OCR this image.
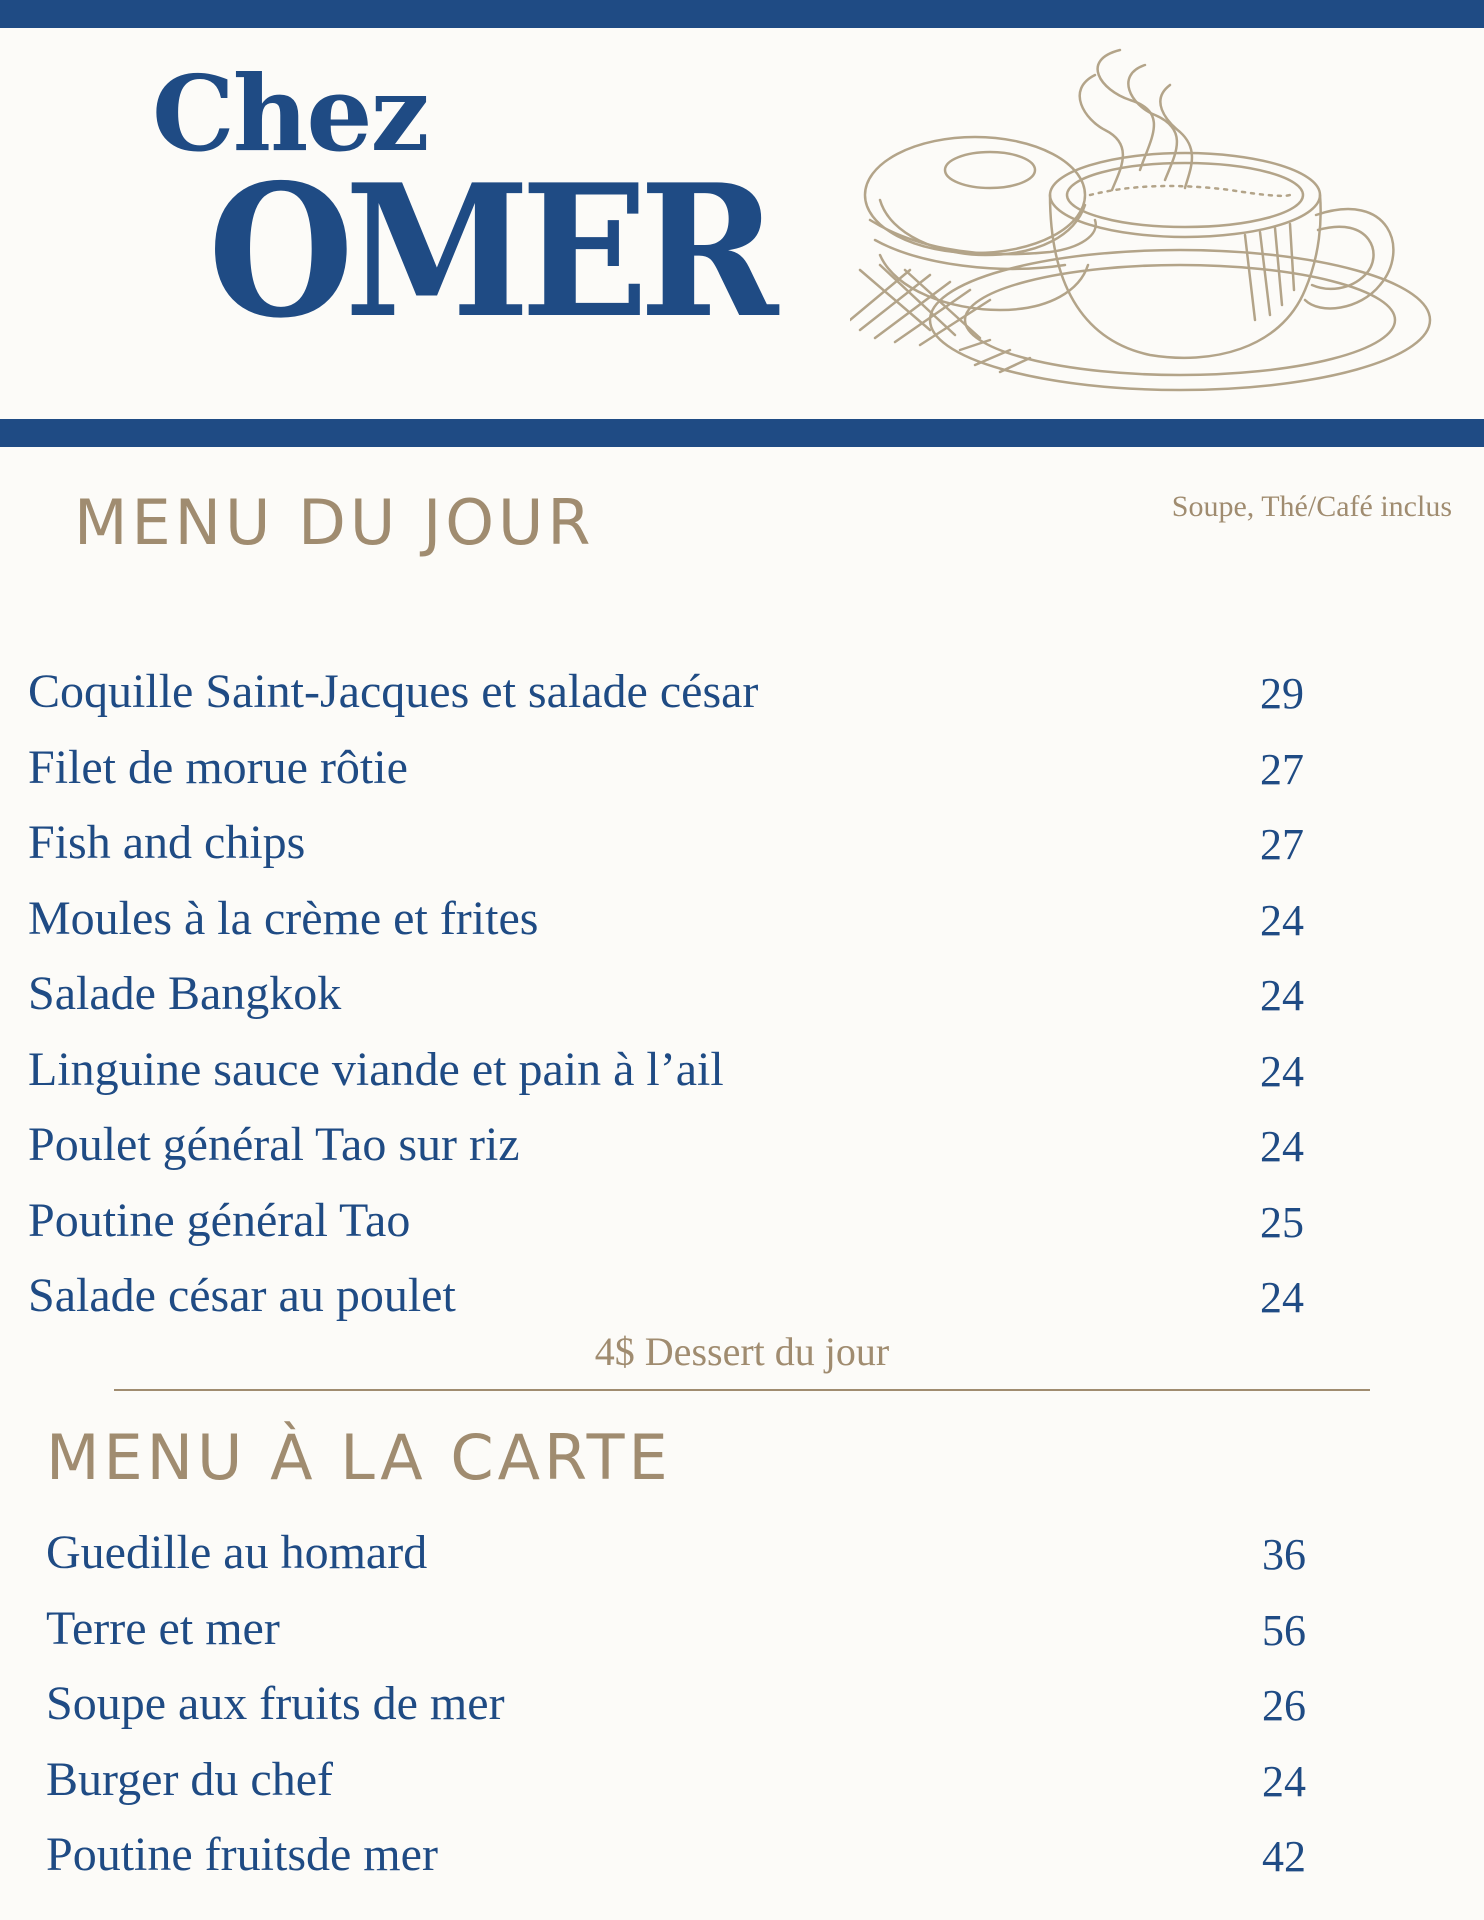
Chez
OMER
MENU DU JOUR	Soupe, Thé/Café inclus
Coquille Saint-Jacques et salade césar	29
Filet de morue rôtie	27
Fish and chips	27
Moules à la crème et frites	24
Salade Bangkok	24
Linguine sauce viande et pain à l’ail	24
Poulet général Tao sur riz	24
Poutine général Tao	25
Salade césar au poulet	24
4$ Dessert du jour
MENU À LA CARTE
Guedille au homard	36
Terre et mer	56
Soupe aux fruits de mer	26
Burger du chef	24
Poutine fruitsde mer	42
